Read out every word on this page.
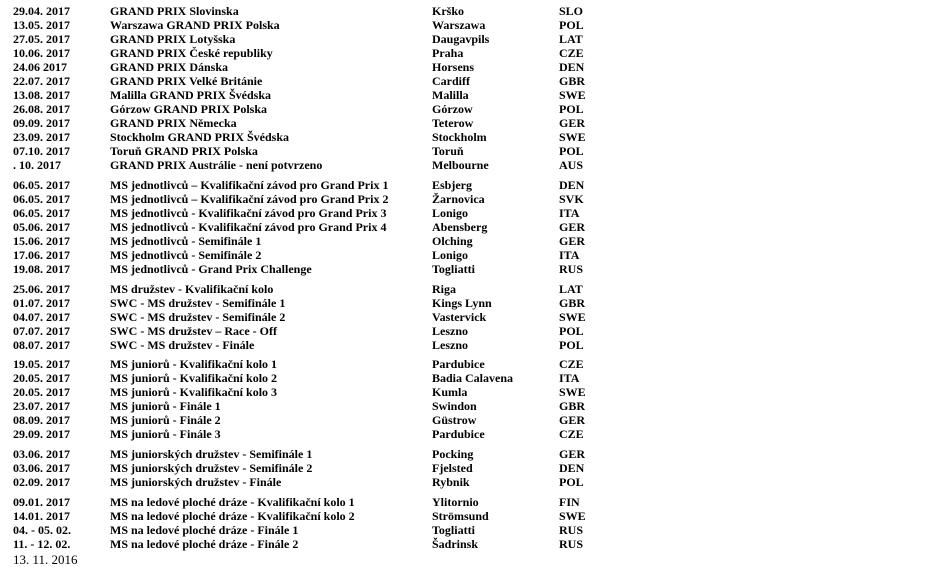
29.04. 2017	GRAND PRIX Slovinska	Krško	SLO
13.05. 2017	Warszawa GRAND PRIX Polska	Warszawa	POL
27.05. 2017	GRAND PRIX Lotyšska	Daugavpils	LAT
10.06. 2017	GRAND PRIX České republiky	Praha	CZE
24.06 2017	GRAND PRIX Dánska	Horsens	DEN
22.07. 2017	GRAND PRIX Velké Británie	Cardiff	GBR
13.08. 2017	Malilla GRAND PRIX Švédska	Malilla	SWE
26.08. 2017	Górzow GRAND PRIX Polska	Górzow	POL
09.09. 2017	GRAND PRIX Německa	Teterow	GER
23.09. 2017	Stockholm GRAND PRIX Švédska	Stockholm	SWE
07.10. 2017	Toruň GRAND PRIX Polska	Toruň	POL
. 10. 2017	GRAND PRIX Austrálie - není potvrzeno	Melbourne	AUS
06.05. 2017	MS jednotlivců – Kvalifikační závod pro Grand Prix 1	Esbjerg	DEN
06.05. 2017	MS jednotlivců – Kvalifikační závod pro Grand Prix 2	Žarnovica	SVK
06.05. 2017	MS jednotlivců - Kvalifikační závod pro Grand Prix 3	Lonigo	ITA
05.06. 2017	MS jednotlivců - Kvalifikační závod pro Grand Prix 4	Abensberg	GER
15.06. 2017	MS jednotlivců - Semifinále 1	Olching	GER
17.06. 2017	MS jednotlivců - Semifinále 2	Lonigo	ITA
19.08. 2017	MS jednotlivců - Grand Prix Challenge	Togliatti	RUS
25.06. 2017	MS družstev - Kvalifikační kolo	Riga	LAT
01.07. 2017	SWC - MS družstev - Semifinále 1	Kings Lynn	GBR
04.07. 2017	SWC - MS družstev - Semifinále 2	Vastervick	SWE
07.07. 2017	SWC - MS družstev – Race - Off	Leszno	POL
08.07. 2017	SWC - MS družstev - Finále	Leszno	POL
19.05. 2017	MS juniorů - Kvalifikační kolo 1	Pardubice	CZE
20.05. 2017	MS juniorů - Kvalifikační kolo 2	Badia Calavena	ITA
20.05. 2017	MS juniorů - Kvalifikační kolo 3	Kumla	SWE
23.07. 2017	MS juniorů - Finále 1	Swindon	GBR
08.09. 2017	MS juniorů - Finále 2	Güstrow	GER
29.09. 2017	MS juniorů - Finále 3	Pardubice	CZE
03.06. 2017	MS juniorských družstev - Semifinále 1	Pocking	GER
03.06. 2017	MS juniorských družstev - Semifinále 2	Fjelsted	DEN
02.09. 2017	MS juniorských družstev - Finále	Rybnik	POL
09.01. 2017	MS na ledové ploché dráze - Kvalifikační kolo 1	Ylitornio	FIN
14.01. 2017	MS na ledové ploché dráze - Kvalifikační kolo 2	Strömsund	SWE
04. - 05. 02.	MS na ledové ploché dráze - Finále 1	Togliatti	RUS
11. - 12. 02.	MS na ledové ploché dráze - Finále 2	Šadrinsk	RUS
13. 11. 2016
